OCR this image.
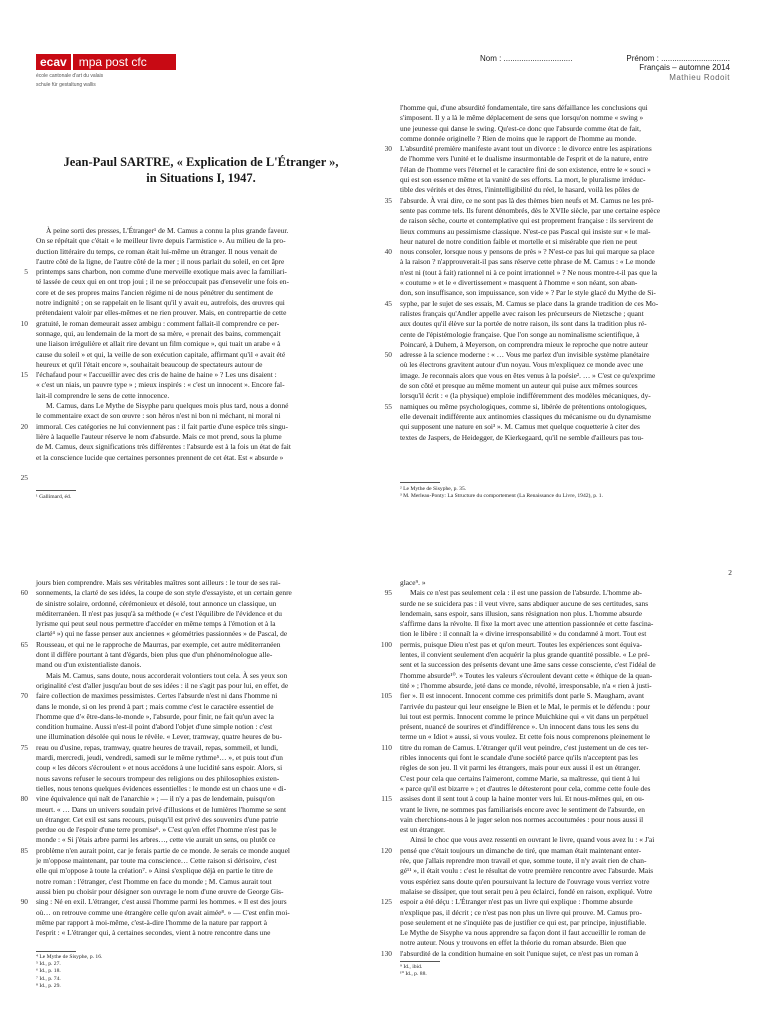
ecav	mpa post cfc
école cantonale d'art du valais
schule für gestaltung wallis
Nom : ...............................	Prénom : ...............................
Français – automne 2014
Mathieu Rodoit
Jean-Paul SARTRE, « Explication de L'Étranger »,
in Situations I, 1947.

À peine sorti des presses, L'Étranger¹ de M. Camus a connu la plus grande faveur.

On se répétait que c'était « le meilleur livre depuis l'armistice ». Au milieu de la pro-

duction littéraire du temps, ce roman était lui-même un étranger. Il nous venait de

l'autre côté de la ligne, de l'autre côté de la mer ; il nous parlait du soleil, en cet âpre

printemps sans charbon, non comme d'une merveille exotique mais avec la familiari-

té lassée de ceux qui en ont trop joui ; il ne se préoccupait pas d'ensevelir une fois en-

core et de ses propres mains l'ancien régime ni de nous pénétrer du sentiment de

notre indignité ; on se rappelait en le lisant qu'il y avait eu, autrefois, des œuvres qui

prétendaient valoir par elles-mêmes et ne rien prouver. Mais, en contrepartie de cette

gratuité, le roman demeurait assez ambigu : comment fallait-il comprendre ce per-

sonnage, qui, au lendemain de la mort de sa mère, « prenait des bains, commençait

une liaison irrégulière et allait rire devant un film comique », qui tuait un arabe « à

cause du soleil » et qui, la veille de son exécution capitale, affirmant qu'il « avait été

heureux et qu'il l'était encore », souhaitait beaucoup de spectateurs autour de

l'échafaud pour « l'accueillir avec des cris de haine de haine » ? Les uns disaient :

« c'est un niais, un pauvre type » ; mieux inspirés : « c'est un innocent ». Encore fal-

lait-il comprendre le sens de cette innocence.

M. Camus, dans Le Mythe de Sisyphe paru quelques mois plus tard, nous a donné

le commentaire exact de son œuvre : son héros n'est ni bon ni méchant, ni moral ni

immoral. Ces catégories ne lui conviennent pas : il fait partie d'une espèce très singu-

lière à laquelle l'auteur réserve le nom d'absurde. Mais ce mot prend, sous la plume

de M. Camus, deux significations très différentes : l'absurde est à la fois un état de fait

et la conscience lucide que certaines personnes prennent de cet état. Est « absurde »

5
10
15
20
25

l'homme qui, d'une absurdité fondamentale, tire sans défaillance les conclusions qui

s'imposent. Il y a là le même déplacement de sens que lorsqu'on nomme « swing »

une jeunesse qui danse le swing. Qu'est-ce donc que l'absurde comme état de fait,

comme donnée originelle ? Rien de moins que le rapport de l'homme au monde.

L'absurdité première manifeste avant tout un divorce : le divorce entre les aspirations

de l'homme vers l'unité et le dualisme insurmontable de l'esprit et de la nature, entre

l'élan de l'homme vers l'éternel et le caractère fini de son existence, entre le « souci »

qui est son essence même et la vanité de ses efforts. La mort, le pluralisme irréduc-

tible des vérités et des êtres, l'inintelligibilité du réel, le hasard, voilà les pôles de

l'absurde. À vrai dire, ce ne sont pas là des thèmes bien neufs et M. Camus ne les pré-

sente pas comme tels. Ils furent dénombrés, dès le XVIIe siècle, par une certaine espèce

de raison sèche, courte et contemplative qui est proprement française : ils servirent de

lieux communs au pessimisme classique. N'est-ce pas Pascal qui insiste sur « le mal-

heur naturel de notre condition faible et mortelle et si misérable que rien ne peut

nous consoler, lorsque nous y pensons de près » ? N'est-ce pas lui qui marque sa place

à la raison ? n'approuverait-il pas sans réserve cette phrase de M. Camus : « Le monde

n'est ni (tout à fait) rationnel ni à ce point irrationnel » ? Ne nous montre-t-il pas que la

« coutume » et le « divertissement » masquent à l'homme « son néant, son aban-

don, son insuffisance, son impuissance, son vide » ? Par le style glacé du Mythe de Si-

syphe, par le sujet de ses essais, M. Camus se place dans la grande tradition de ces Mo-

ralistes français qu'Andler appelle avec raison les précurseurs de Nietzsche ; quant

aux doutes qu'il élève sur la portée de notre raison, ils sont dans la tradition plus ré-

cente de l'épistémologie française. Que l'on songe au nominalisme scientifique, à

Poincaré, à Duhem, à Meyerson, on comprendra mieux le reproche que notre auteur

adresse à la science moderne : « … Vous me parlez d'un invisible système planétaire

où les électrons gravitent autour d'un noyau. Vous m'expliquez ce monde avec une

image. Je reconnais alors que vous en êtes venus à la poésie². … » C'est ce qu'exprime

de son côté et presque au même moment un auteur qui puise aux mêmes sources

lorsqu'il écrit : « (la physique) emploie indifféremment des modèles mécaniques, dy-

namiques ou même psychologiques, comme si, libérée de prétentions ontologiques,

elle devenait indifférente aux antinomies classiques du mécanisme ou du dynamisme

qui supposent une nature en soi³ ». M. Camus met quelque coquetterie à citer des

textes de Jaspers, de Heidegger, de Kierkegaard, qu'il ne semble d'ailleurs pas tou-

30
35
40
45
50
55

¹ Gallimard, éd.

² Le Mythe de Sisyphe, p. 35.

³ M. Merleau-Ponty: La Structure du comportement (La Renaissance du Livre, 1942), p. 1.

2

jours bien comprendre. Mais ses véritables maîtres sont ailleurs : le tour de ses rai-

sonnements, la clarté de ses idées, la coupe de son style d'essayiste, et un certain genre

de sinistre solaire, ordonné, cérémonieux et désolé, tout annonce un classique, un

méditerranéen. Il n'est pas jusqu'à sa méthode (« c'est l'équilibre de l'évidence et du

lyrisme qui peut seul nous permettre d'accéder en même temps à l'émotion et à la

clarté⁴ ») qui ne fasse penser aux anciennes « géométries passionnées » de Pascal, de

Rousseau, et qui ne le rapproche de Maurras, par exemple, cet autre méditerranéen

dont il diffère pourtant à tant d'égards, bien plus que d'un phénoménologue alle-

mand ou d'un existentialiste danois.

Mais M. Camus, sans doute, nous accorderait volontiers tout cela. À ses yeux son

originalité c'est d'aller jusqu'au bout de ses idées : il ne s'agit pas pour lui, en effet, de

faire collection de maximes pessimistes. Certes l'absurde n'est ni dans l'homme ni

dans le monde, si on les prend à part ; mais comme c'est le caractère essentiel de

l'homme que d'« être-dans-le-monde », l'absurde, pour finir, ne fait qu'un avec la

condition humaine. Aussi n'est-il point d'abord l'objet d'une simple notion : c'est

une illumination désolée qui nous le révèle. « Lever, tramway, quatre heures de bu-

reau ou d'usine, repas, tramway, quatre heures de travail, repas, sommeil, et lundi,

mardi, mercredi, jeudi, vendredi, samedi sur le même rythme⁵… », et puis tout d'un

coup « les décors s'écroulent » et nous accédons à une lucidité sans espoir. Alors, si

nous savons refuser le secours trompeur des religions ou des philosophies existen-

tielles, nous tenons quelques évidences essentielles : le monde est un chaos une « di-

vine équivalence qui naît de l'anarchie » ; — il n'y a pas de lendemain, puisqu'on

meurt. « … Dans un univers soudain privé d'illusions et de lumières l'homme se sent

un étranger. Cet exil est sans recours, puisqu'il est privé des souvenirs d'une patrie

perdue ou de l'espoir d'une terre promise⁶. » C'est qu'en effet l'homme n'est pas le

monde : « Si j'étais arbre parmi les arbres…, cette vie aurait un sens, ou plutôt ce

problème n'en aurait point, car je ferais partie de ce monde. Je serais ce monde auquel

je m'oppose maintenant, par toute ma conscience… Cette raison si dérisoire, c'est

elle qui m'oppose à toute la création⁷. » Ainsi s'explique déjà en partie le titre de

notre roman : l'étranger, c'est l'homme en face du monde ; M. Camus aurait tout

aussi bien pu choisir pour désigner son ouvrage le nom d'une œuvre de George Gis-

sing : Né en exil. L'étranger, c'est aussi l'homme parmi les hommes. « Il est des jours

où… on retrouve comme une étrangère celle qu'on avait aimée⁸. » — C'est enfin moi-

même par rapport à moi-même, c'est-à-dire l'homme de la nature par rapport à

l'esprit : « L'étranger qui, à certaines secondes, vient à notre rencontre dans une

60
65
70
75
80
85
90

glace⁹. »

Mais ce n'est pas seulement cela : il est une passion de l'absurde. L'homme ab-

surde ne se suicidera pas : il veut vivre, sans abdiquer aucune de ses certitudes, sans

lendemain, sans espoir, sans illusion, sans résignation non plus. L'homme absurde

s'affirme dans la révolte. Il fixe la mort avec une attention passionnée et cette fascina-

tion le libère : il connaît la « divine irresponsabilité » du condamné à mort. Tout est

permis, puisque Dieu n'est pas et qu'on meurt. Toutes les expériences sont équiva-

lentes, il convient seulement d'en acquérir la plus grande quantité possible. « Le pré-

sent et la succession des présents devant une âme sans cesse consciente, c'est l'idéal de

l'homme absurde¹⁰. » Toutes les valeurs s'écroulent devant cette « éthique de la quan-

tité » ; l'homme absurde, jeté dans ce monde, révolté, irresponsable, n'a « rien à justi-

fier ». Il est innocent. Innocent comme ces primitifs dont parle S. Maugham, avant

l'arrivée du pasteur qui leur enseigne le Bien et le Mal, le permis et le défendu : pour

lui tout est permis. Innocent comme le prince Muichkine qui « vit dans un perpétuel

présent, nuancé de sourires et d'indifférence ». Un innocent dans tous les sens du

terme un « Idiot » aussi, si vous voulez. Et cette fois nous comprenons pleinement le

titre du roman de Camus. L'étranger qu'il veut peindre, c'est justement un de ces ter-

ribles innocents qui font le scandale d'une société parce qu'ils n'acceptent pas les

règles de son jeu. Il vit parmi les étrangers, mais pour eux aussi il est un étranger.

C'est pour cela que certains l'aimeront, comme Marie, sa maîtresse, qui tient à lui

« parce qu'il est bizarre » ; et d'autres le détesteront pour cela, comme cette foule des

assises dont il sent tout à coup la haine monter vers lui. Et nous-mêmes qui, en ou-

vrant le livre, ne sommes pas familiarisés encore avec le sentiment de l'absurde, en

vain cherchions-nous à le juger selon nos normes accoutumées : pour nous aussi il

est un étranger.

Ainsi le choc que vous avez ressenti en ouvrant le livre, quand vous avez lu : « J'ai

pensé que c'était toujours un dimanche de tiré, que maman était maintenant enter-

rée, que j'allais reprendre mon travail et que, somme toute, il n'y avait rien de chan-

gé¹¹ », il était voulu : c'est le résultat de votre première rencontre avec l'absurde. Mais

vous espériez sans doute qu'en poursuivant la lecture de l'ouvrage vous verriez votre

malaise se dissiper, que tout serait peu à peu éclairci, fondé en raison, expliqué. Votre

espoir a été déçu : L'Étranger n'est pas un livre qui explique : l'homme absurde

n'explique pas, il décrit ; ce n'est pas non plus un livre qui prouve. M. Camus pro-

pose seulement et ne s'inquiète pas de justifier ce qui est, par principe, injustifiable.

Le Mythe de Sisyphe va nous apprendre sa façon dont il faut accueillir le roman de

notre auteur. Nous y trouvons en effet la théorie du roman absurde. Bien que

l'absurdité de la condition humaine en soit l'unique sujet, ce n'est pas un roman à

95
100
105
110
115
120
125
130

⁴ Le Mythe de Sisyphe, p. 16.

⁵ Id., p. 27.

⁶ Id., p. 18.

⁷ Id., p. 74.

⁸ Id., p. 29.

⁹ Id., ibid.

¹⁰ Id., p. 88.
